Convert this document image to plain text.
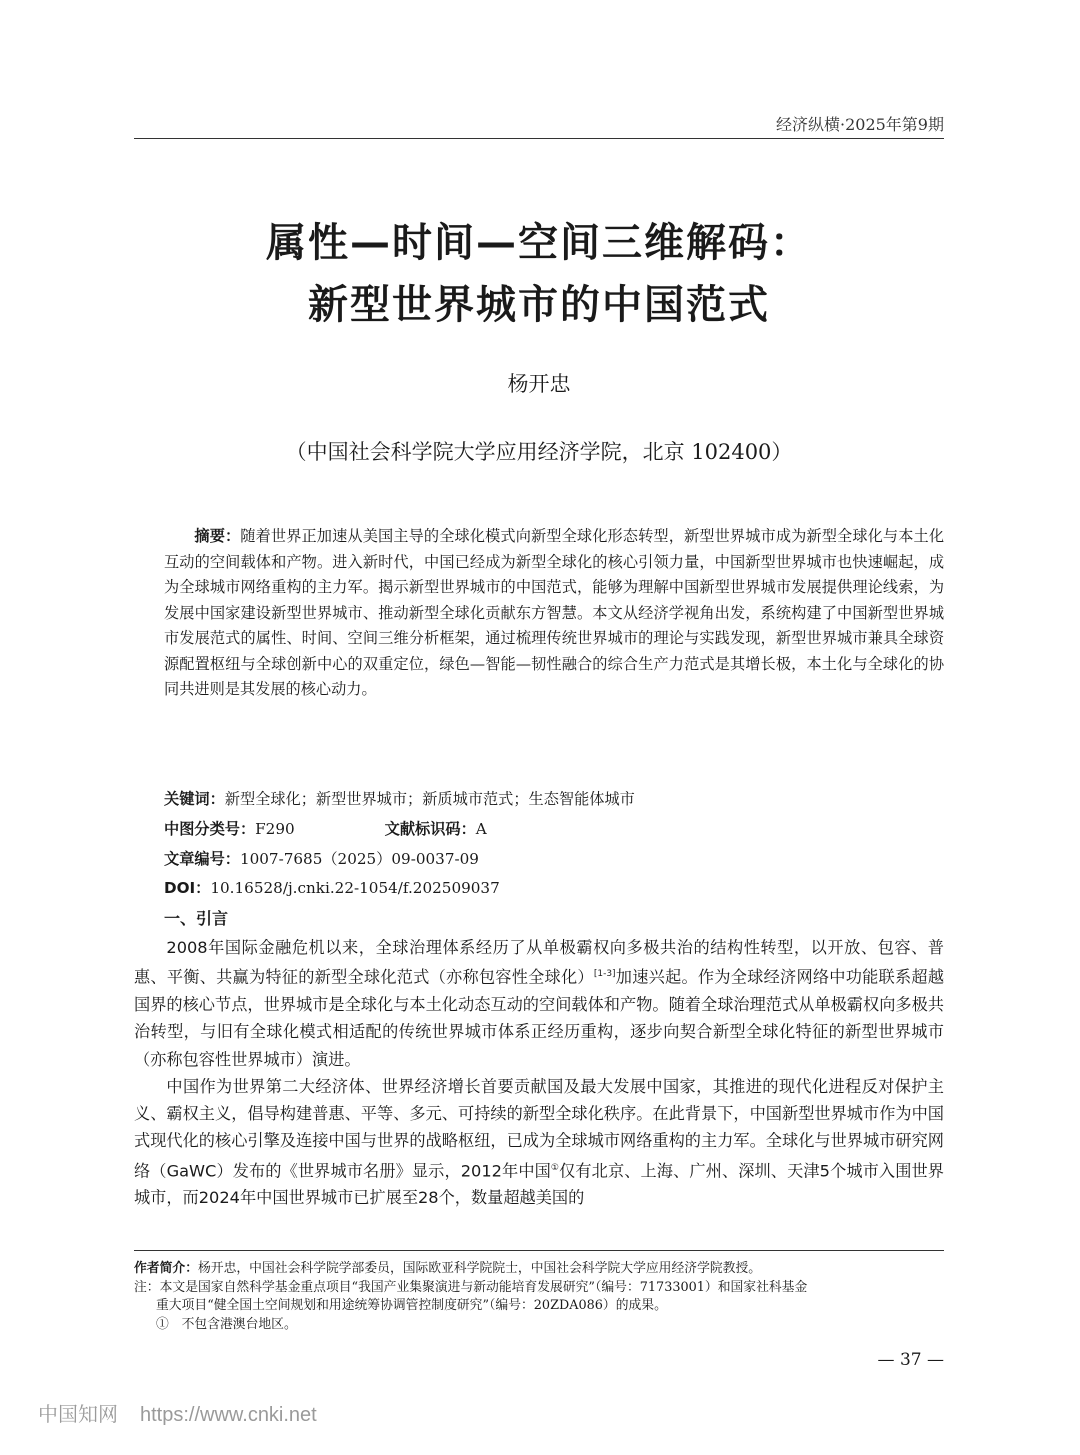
经济纵横·2025年第9期
属性—时间—空间三维解码：
新型世界城市的中国范式
杨开忠
（中国社会科学院大学应用经济学院，北京 102400）
摘要：随着世界正加速从美国主导的全球化模式向新型全球化形态转型，新型世界城市成为新型全球化与本土化互动的空间载体和产物。进入新时代，中国已经成为新型全球化的核心引领力量，中国新型世界城市也快速崛起，成为全球城市网络重构的主力军。揭示新型世界城市的中国范式，能够为理解中国新型世界城市发展提供理论线索，为发展中国家建设新型世界城市、推动新型全球化贡献东方智慧。本文从经济学视角出发，系统构建了中国新型世界城市发展范式的属性、时间、空间三维分析框架，通过梳理传统世界城市的理论与实践发现，新型世界城市兼具全球资源配置枢纽与全球创新中心的双重定位，绿色—智能—韧性融合的综合生产力范式是其增长极，本土化与全球化的协同共进则是其发展的核心动力。
关键词：新型全球化；新型世界城市；新质城市范式；生态智能体城市
中图分类号：F290	文献标识码：A
文章编号：1007-7685（2025）09-0037-09
DOI：10.16528/j.cnki.22-1054/f.202509037
一、引言

2008年国际金融危机以来，全球治理体系经历了从单极霸权向多极共治的结构性转型，以开放、包容、普惠、平衡、共赢为特征的新型全球化范式（亦称包容性全球化）[1-3]加速兴起。作为全球经济网络中功能联系超越国界的核心节点，世界城市是全球化与本土化动态互动的空间载体和产物。随着全球治理范式从单极霸权向多极共治转型，与旧有全球化模式相适配的传统世界城市体系正经历重构，逐步向契合新型全球化特征的新型世界城市（亦称包容性世界城市）演进。

中国作为世界第二大经济体、世界经济增长首要贡献国及最大发展中国家，其推进的现代化进程反对保护主义、霸权主义，倡导构建普惠、平等、多元、可持续的新型全球化秩序。在此背景下，中国新型世界城市作为中国式现代化的核心引擎及连接中国与世界的战略枢纽，已成为全球城市网络重构的主力军。全球化与世界城市研究网络（GaWC）发布的《世界城市名册》显示，2012年中国①仅有北京、上海、广州、深圳、天津5个城市入围世界城市，而2024年中国世界城市已扩展至28个，数量超越美国的

作者简介：杨开忠，中国社会科学院学部委员，国际欧亚科学院院士，中国社会科学院大学应用经济学院教授。
注：本文是国家自然科学基金重点项目“我国产业集聚演进与新动能培育发展研究”（编号：71733001）和国家社科基金
重大项目“健全国土空间规划和用途统筹协调管控制度研究”（编号：20ZDA086）的成果。
①　不包含港澳台地区。
— 37 —
中国知网 https://www.cnki.net
